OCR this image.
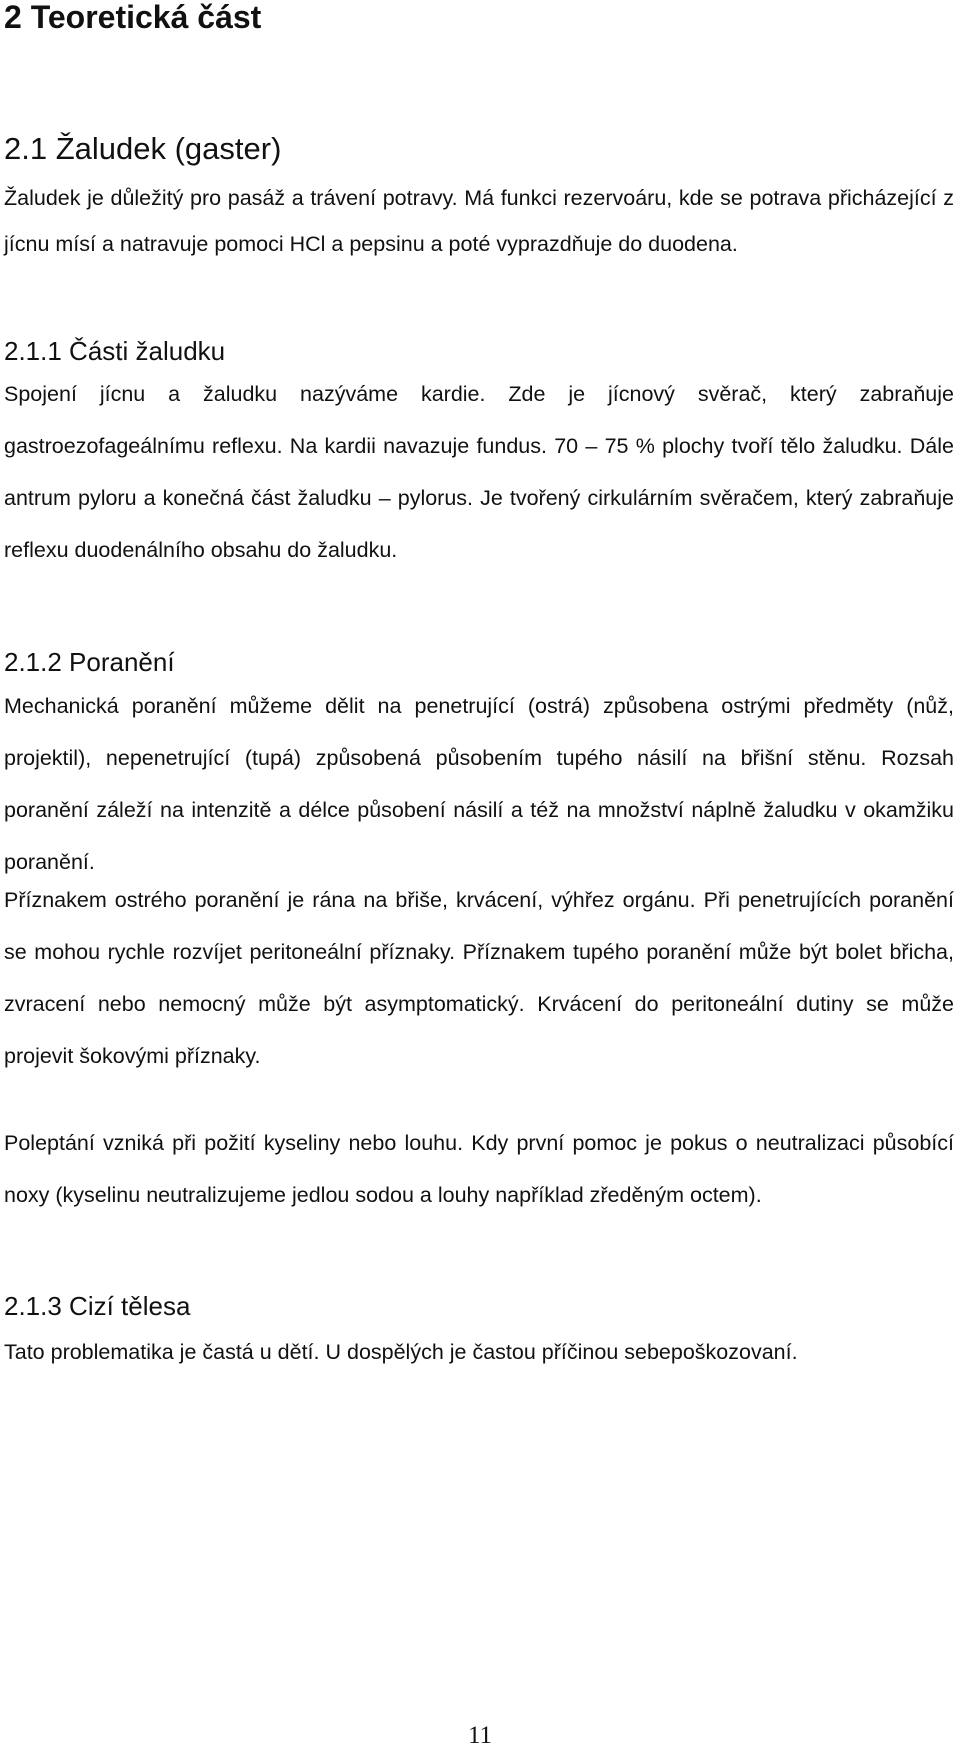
2 Teoretická část
2.1 Žaludek (gaster)

Žaludek je důležitý pro pasáž a trávení potravy. Má funkci rezervoáru, kde se potrava přicházející z jícnu mísí a natravuje pomoci HCl a pepsinu a poté vyprazdňuje do duodena.

2.1.1 Části žaludku

Spojení jícnu a žaludku nazýváme kardie. Zde je jícnový svěrač, který zabraňuje gastroezofageálnímu reflexu. Na kardii navazuje fundus. 70 – 75 % plochy tvoří tělo žaludku. Dále antrum pyloru a konečná část žaludku – pylorus. Je tvořený cirkulárním svěračem, který zabraňuje reflexu duodenálního obsahu do žaludku.

2.1.2 Poranění

Mechanická poranění můžeme dělit na penetrující (ostrá) způsobena ostrými předměty (nůž, projektil), nepenetrující (tupá) způsobená působením tupého násilí na břišní stěnu. Rozsah poranění záleží na intenzitě a délce působení násilí a též na množství náplně žaludku v okamžiku poranění.

Příznakem ostrého poranění je rána na břiše, krvácení, výhřez orgánu. Při penetrujících poranění se mohou rychle rozvíjet peritoneální příznaky. Příznakem tupého poranění může být bolet břicha, zvracení nebo nemocný může být asymptomatický. Krvácení do peritoneální dutiny se může projevit šokovými příznaky.

Poleptání vzniká při požití kyseliny nebo louhu. Kdy první pomoc je pokus o neutralizaci působící noxy (kyselinu neutralizujeme jedlou sodou a louhy například zředěným octem).

2.1.3 Cizí tělesa

Tato problematika je častá u dětí. U dospělých je častou příčinou sebepoškozovaní.

11
